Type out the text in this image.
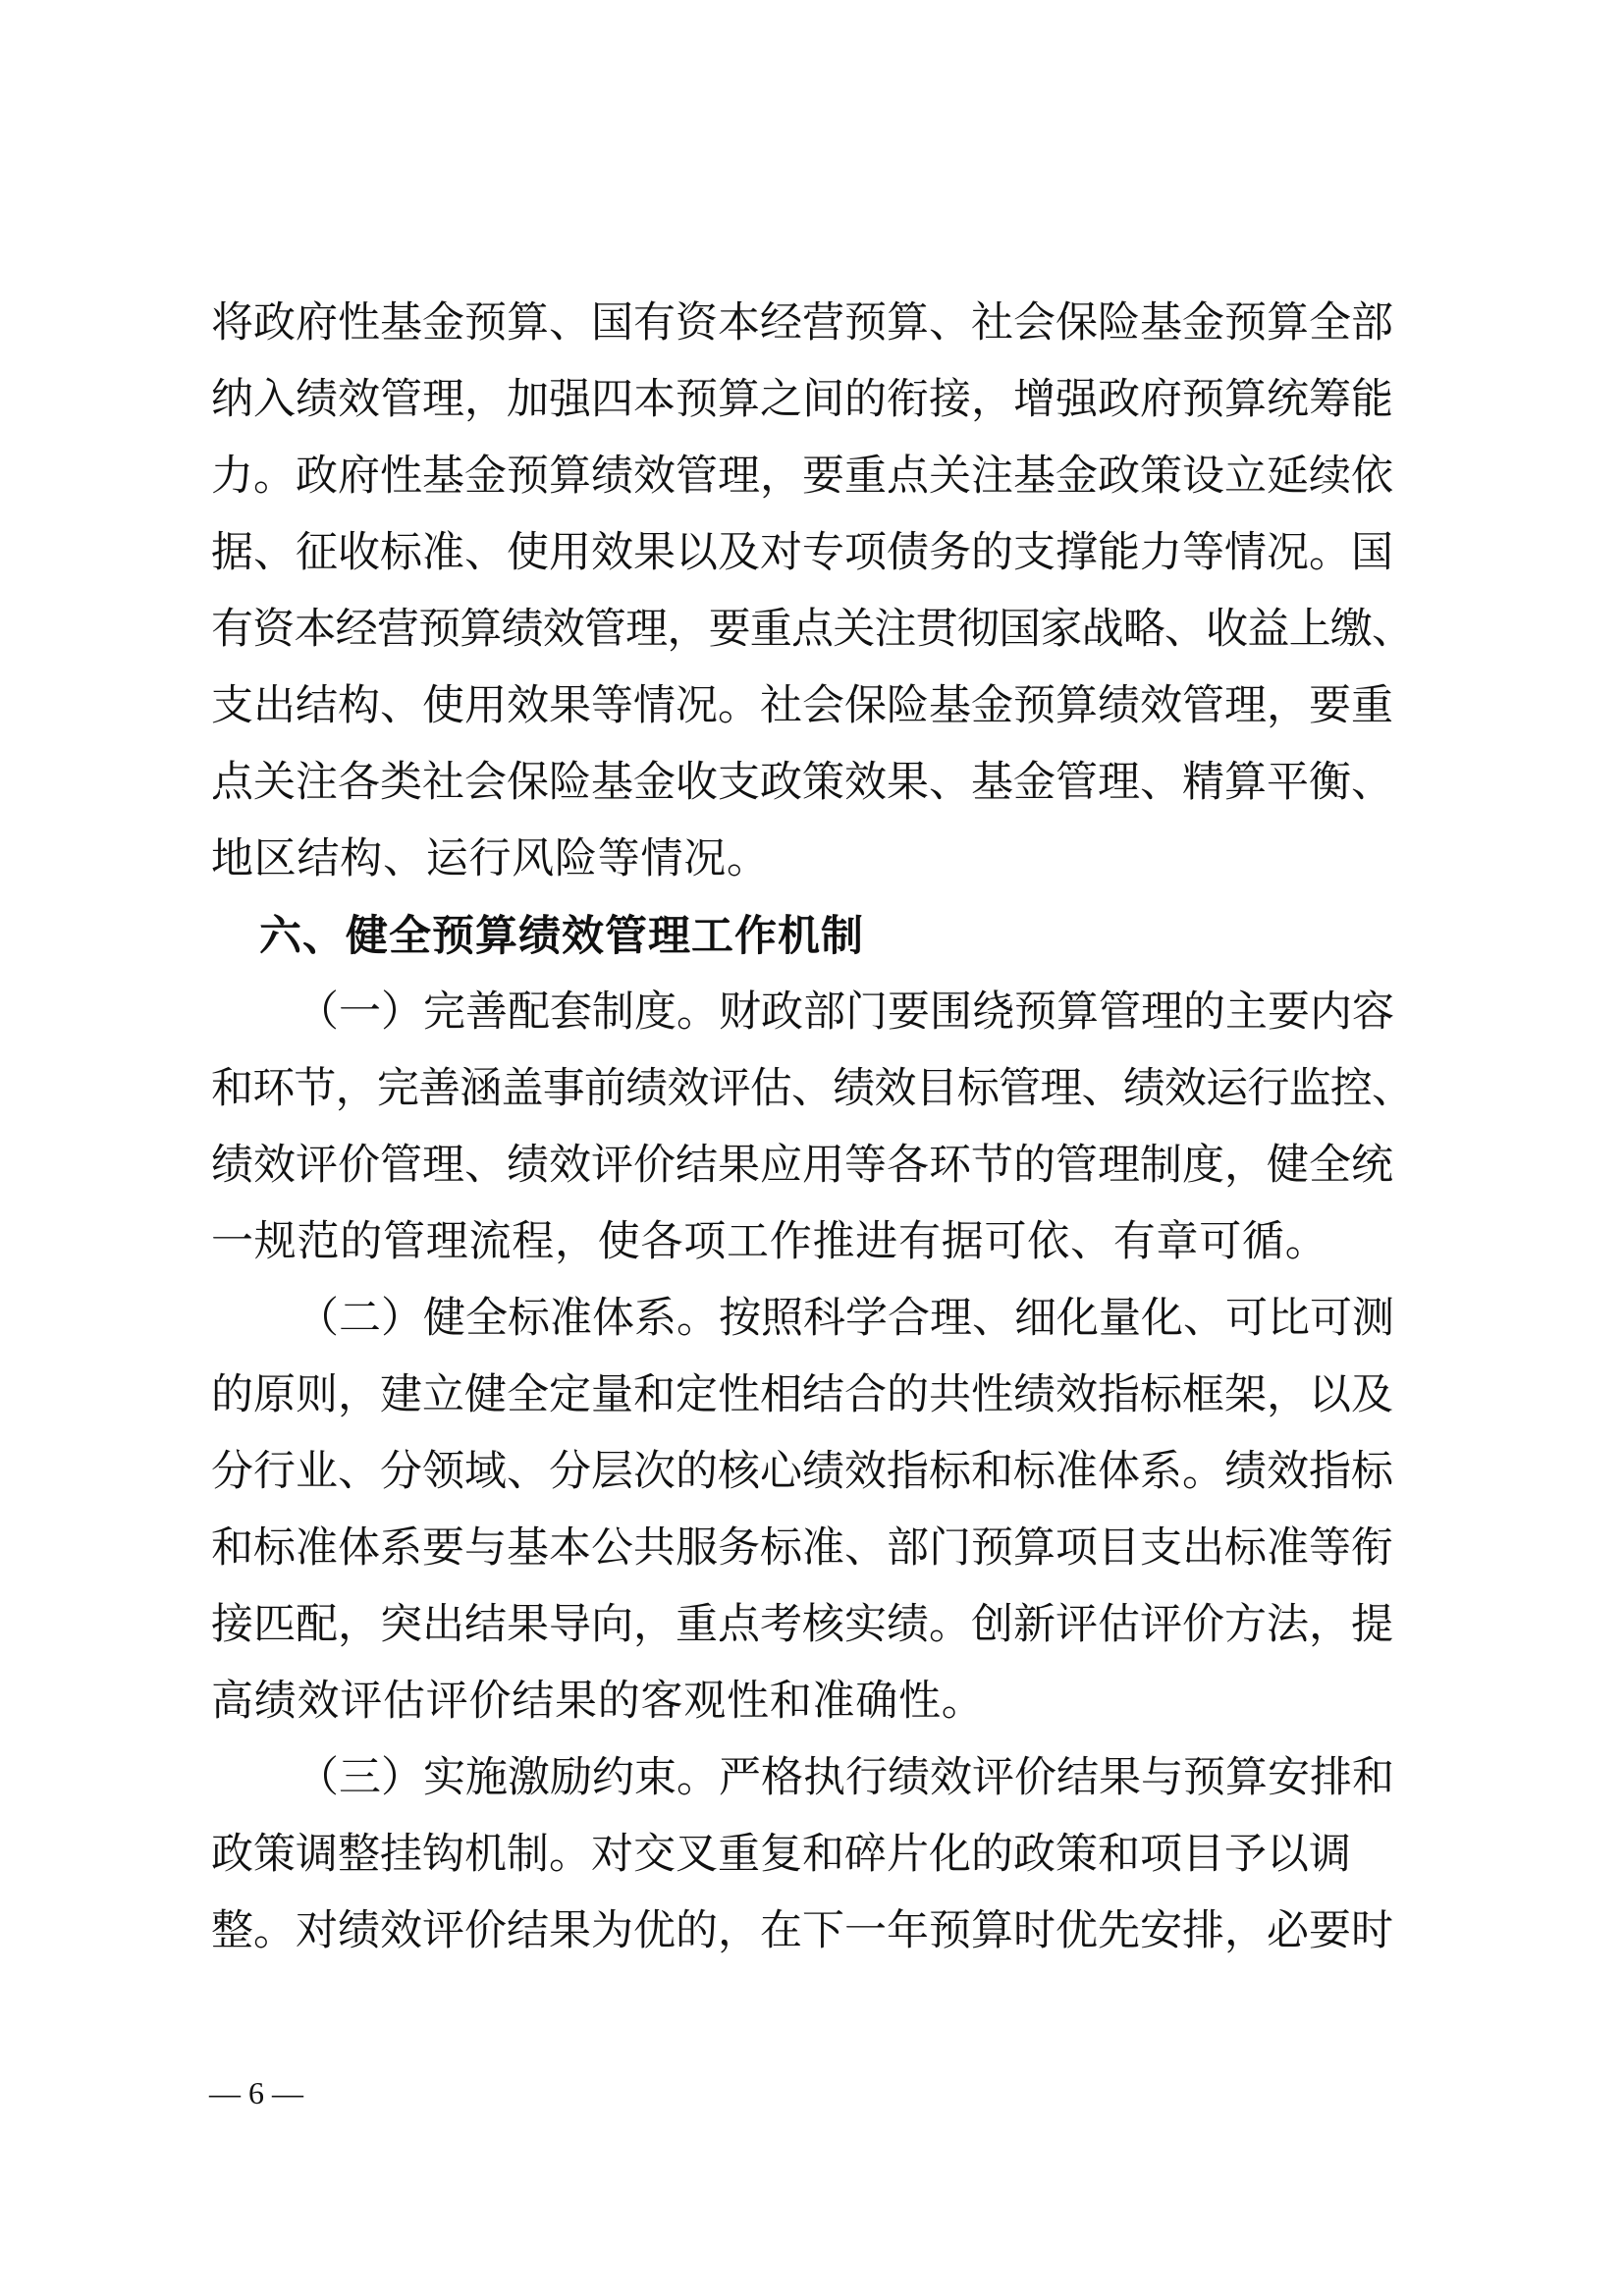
将政府性基金预算、国有资本经营预算、社会保险基金预算全部
纳入绩效管理，加强四本预算之间的衔接，增强政府预算统筹能
力。政府性基金预算绩效管理，要重点关注基金政策设立延续依
据、征收标准、使用效果以及对专项债务的支撑能力等情况。国
有资本经营预算绩效管理，要重点关注贯彻国家战略、收益上缴、
支出结构、使用效果等情况。社会保险基金预算绩效管理，要重
点关注各类社会保险基金收支政策效果、基金管理、精算平衡、
地区结构、运行风险等情况。
六、健全预算绩效管理工作机制
（一）完善配套制度。财政部门要围绕预算管理的主要内容
和环节，完善涵盖事前绩效评估、绩效目标管理、绩效运行监控、
绩效评价管理、绩效评价结果应用等各环节的管理制度，健全统
一规范的管理流程，使各项工作推进有据可依、有章可循。
（二）健全标准体系。按照科学合理、细化量化、可比可测
的原则，建立健全定量和定性相结合的共性绩效指标框架，以及
分行业、分领域、分层次的核心绩效指标和标准体系。绩效指标
和标准体系要与基本公共服务标准、部门预算项目支出标准等衔
接匹配，突出结果导向，重点考核实绩。创新评估评价方法，提
高绩效评估评价结果的客观性和准确性。
（三）实施激励约束。严格执行绩效评价结果与预算安排和
政策调整挂钩机制。对交叉重复和碎片化的政策和项目予以调
整。对绩效评价结果为优的，在下一年预算时优先安排，必要时
— 6 —
